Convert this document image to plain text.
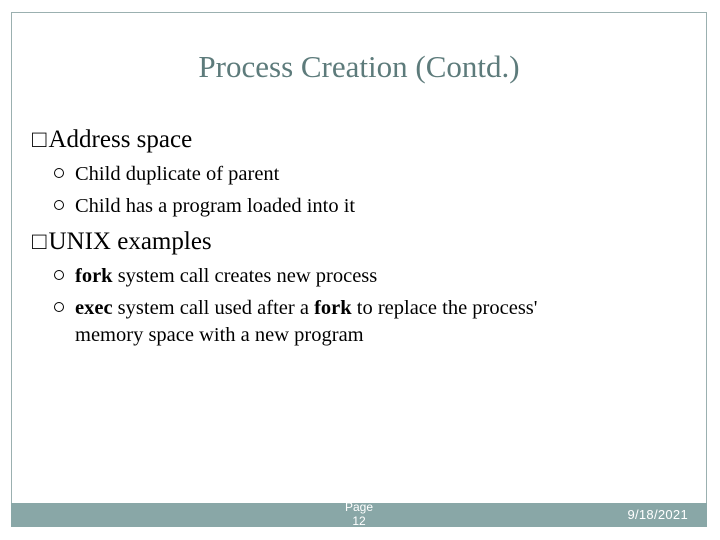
Process Creation (Contd.)
□Address space
Child duplicate of parent
Child has a program loaded into it
□UNIX examples
fork system call creates new process
exec system call used after a fork to replace the process'
memory space with a new program
Page
12	9/18/2021
